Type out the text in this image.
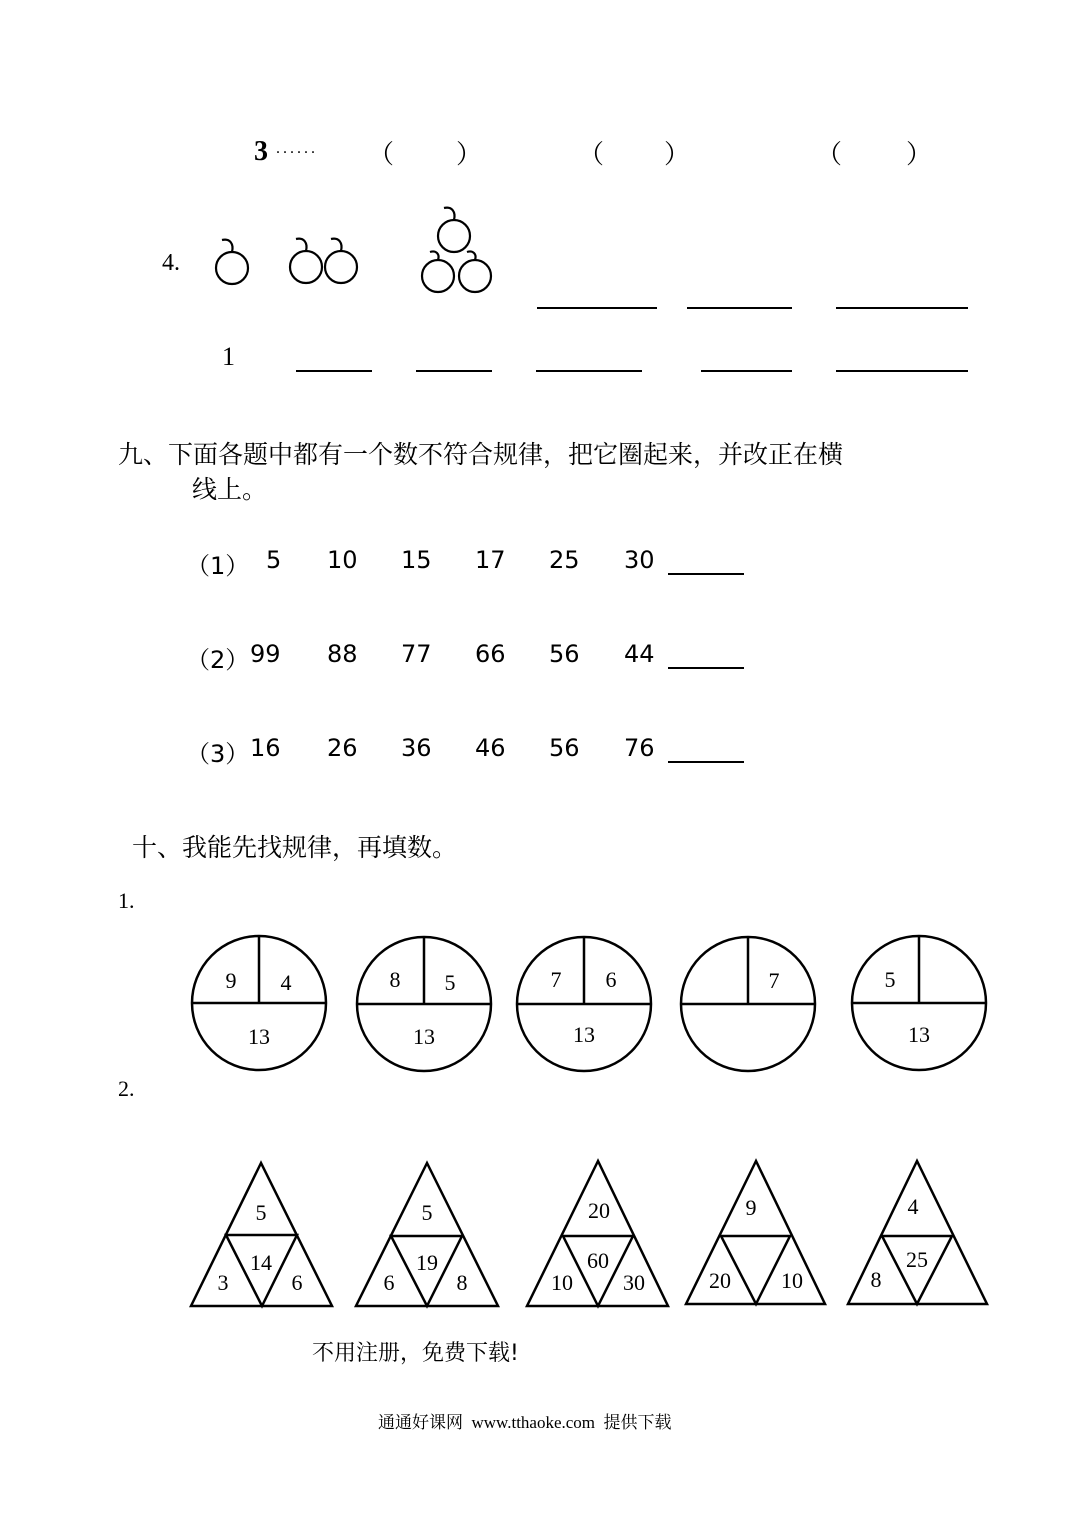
3 ...... （ ）	（ ）	（ ）
4.
1
九、下面各题中都有一个数不符合规律，把它圈起来，并改正在横
线上。
（1） 5 10 15 17 25 30
（2） 99 88 77 66 56 44
（3） 16 26 36 46 56 76
十、我能先找规律，再填数。
1.
9 4
13
8 5
13
7 6
13
7	5
13
2.
5
14
3	6
5
19
6	8
20
60
10 30
9
20 10
4
25
8
不用注册，免费下载!
通通好课网  www.tthaoke.com  提供下载
